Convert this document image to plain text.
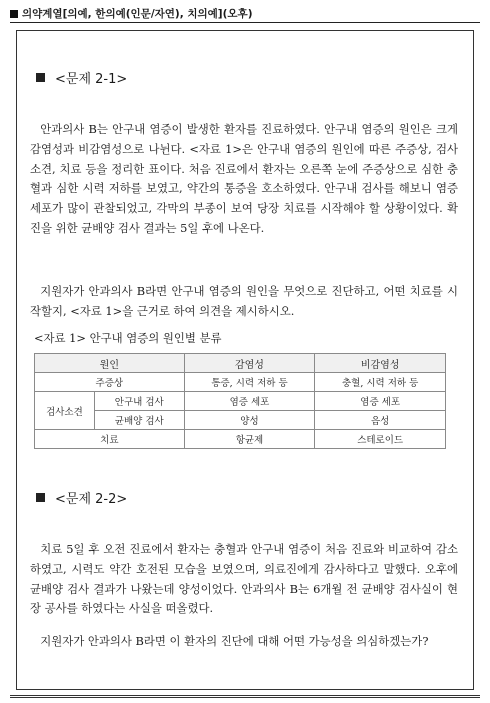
의약계열[의예, 한의예(인문/자연), 치의예](오후)
<문제 2-1>

안과의사 B는 안구내 염증이 발생한 환자를 진료하였다. 안구내 염증의 원인은 크게 감염성과 비감염성으로 나뉜다. <자료 1>은 안구내 염증의 원인에 따른 주증상, 검사소견, 치료 등을 정리한 표이다. 처음 진료에서 환자는 오른쪽 눈에 주증상으로 심한 충혈과 심한 시력 저하를 보였고, 약간의 통증을 호소하였다. 안구내 검사를 해보니 염증 세포가 많이 관찰되었고, 각막의 부종이 보여 당장 치료를 시작해야 할 상황이었다. 확진을 위한 균배양 검사 결과는 5일 후에 나온다.

지원자가 안과의사 B라면 안구내 염증의 원인을 무엇으로 진단하고, 어떤 치료를 시작할지, <자료 1>을 근거로 하여 의견을 제시하시오.

<자료 1> 안구내 염증의 원인별 분류
원인		감염성	비감염성
주증상		통증, 시력 저하 등	충혈, 시력 저하 등
검사소견	안구내 검사	염증 세포	염증 세포
	균배양 검사	양성	음성
치료		항균제	스테로이드
<문제 2-2>

치료 5일 후 오전 진료에서 환자는 충혈과 안구내 염증이 처음 진료와 비교하여 감소하였고, 시력도 약간 호전된 모습을 보였으며, 의료진에게 감사하다고 말했다. 오후에 균배양 검사 결과가 나왔는데 양성이었다. 안과의사 B는 6개월 전 균배양 검사실이 현장 공사를 하였다는 사실을 떠올렸다.

지원자가 안과의사 B라면 이 환자의 진단에 대해 어떤 가능성을 의심하겠는가?
